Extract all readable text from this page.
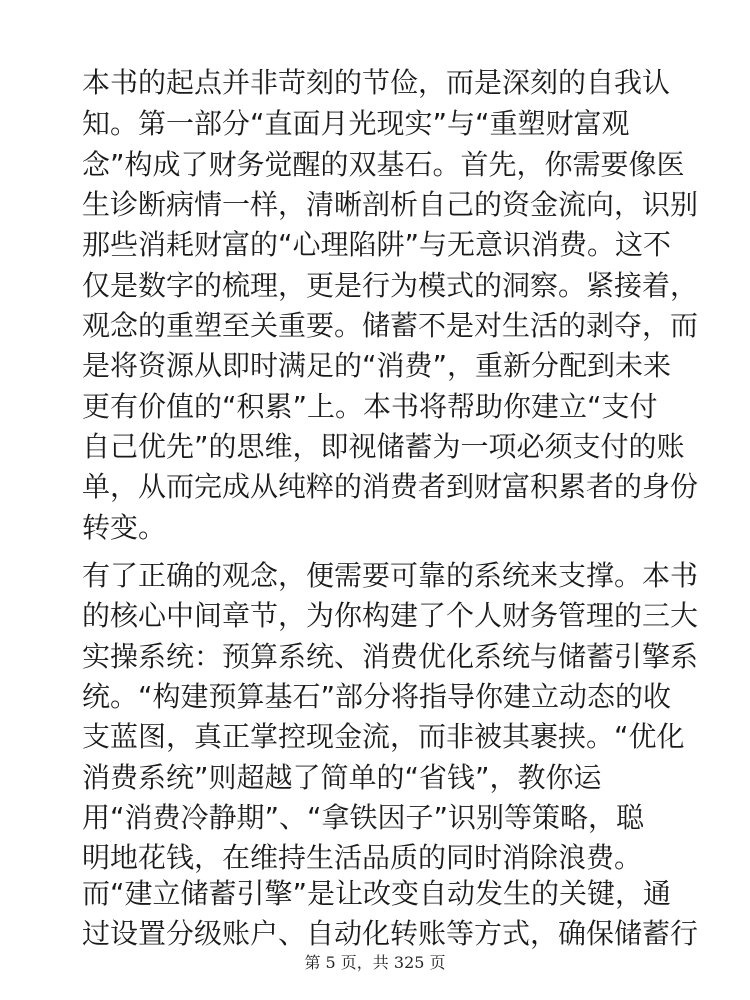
本书的起点并非苛刻的节俭，而是深刻的自我认
知。第一部分“直面月光现实”与“重塑财富观
念”构成了财务觉醒的双基石。首先，你需要像医
生诊断病情一样，清晰剖析自己的资金流向，识别
那些消耗财富的“心理陷阱”与无意识消费。这不
仅是数字的梳理，更是行为模式的洞察。紧接着，
观念的重塑至关重要。储蓄不是对生活的剥夺，而
是将资源从即时满足的“消费”，重新分配到未来
更有价值的“积累”上。本书将帮助你建立“支付
自己优先”的思维，即视储蓄为一项必须支付的账
单，从而完成从纯粹的消费者到财富积累者的身份
转变。
有了正确的观念，便需要可靠的系统来支撑。本书
的核心中间章节，为你构建了个人财务管理的三大
实操系统：预算系统、消费优化系统与储蓄引擎系
统。“构建预算基石”部分将指导你建立动态的收
支蓝图，真正掌控现金流，而非被其裹挟。“优化
消费系统”则超越了简单的“省钱”，教你运
用“消费冷静期”、“拿铁因子”识别等策略，聪
明地花钱，在维持生活品质的同时消除浪费。
而“建立储蓄引擎”是让改变自动发生的关键，通
过设置分级账户、自动化转账等方式，确保储蓄行
第 5 页，共 325 页
